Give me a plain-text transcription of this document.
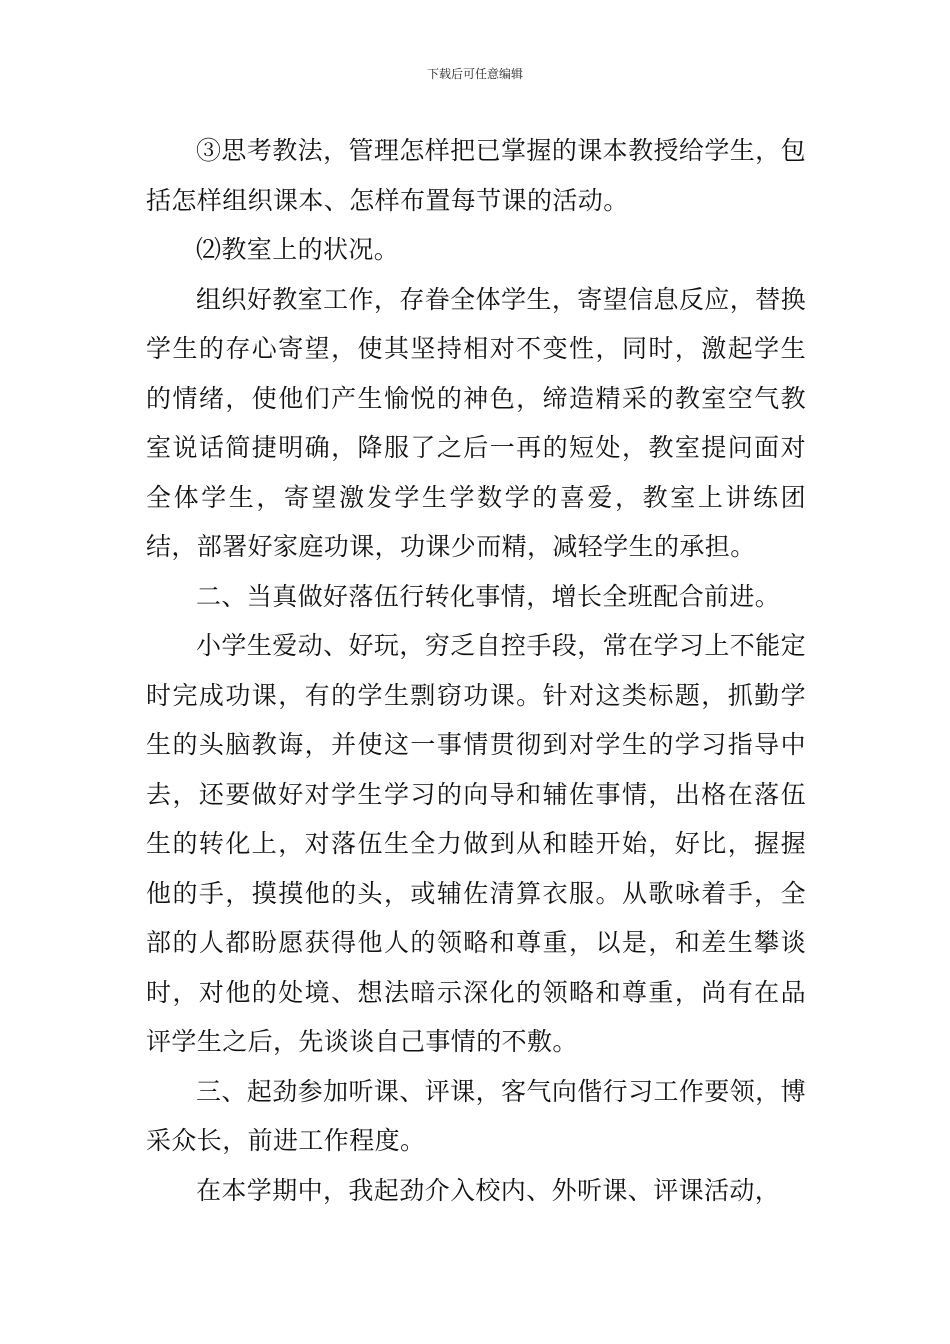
下载后可任意编辑

③思考教法，管理怎样把已掌握的课本教授给学生，包括怎样组织课本、怎样布置每节课的活动。

⑵教室上的状况。

组织好教室工作，存眷全体学生，寄望信息反应，替换学生的存心寄望，使其坚持相对不变性，同时，激起学生的情绪，使他们产生愉悦的神色，缔造精采的教室空气教室说话简捷明确，降服了之后一再的短处，教室提问面对全体学生，寄望激发学生学数学的喜爱，教室上讲练团结，部署好家庭功课，功课少而精，减轻学生的承担。

二、当真做好落伍行转化事情，增长全班配合前进。

小学生爱动、好玩，穷乏自控手段，常在学习上不能定时完成功课，有的学生剽窃功课。针对这类标题，抓勤学生的头脑教诲，并使这一事情贯彻到对学生的学习指导中去，还要做好对学生学习的向导和辅佐事情，出格在落伍生的转化上，对落伍生全力做到从和睦开始，好比，握握他的手，摸摸他的头，或辅佐清算衣服。从歌咏着手，全部的人都盼愿获得他人的领略和尊重，以是，和差生攀谈时，对他的处境、想法暗示深化的领略和尊重，尚有在品评学生之后，先谈谈自己事情的不敷。

三、起劲参加听课、评课，客气向偕行习工作要领，博采众长，前进工作程度。

在本学期中，我起劲介入校内、外听课、评课活动，
